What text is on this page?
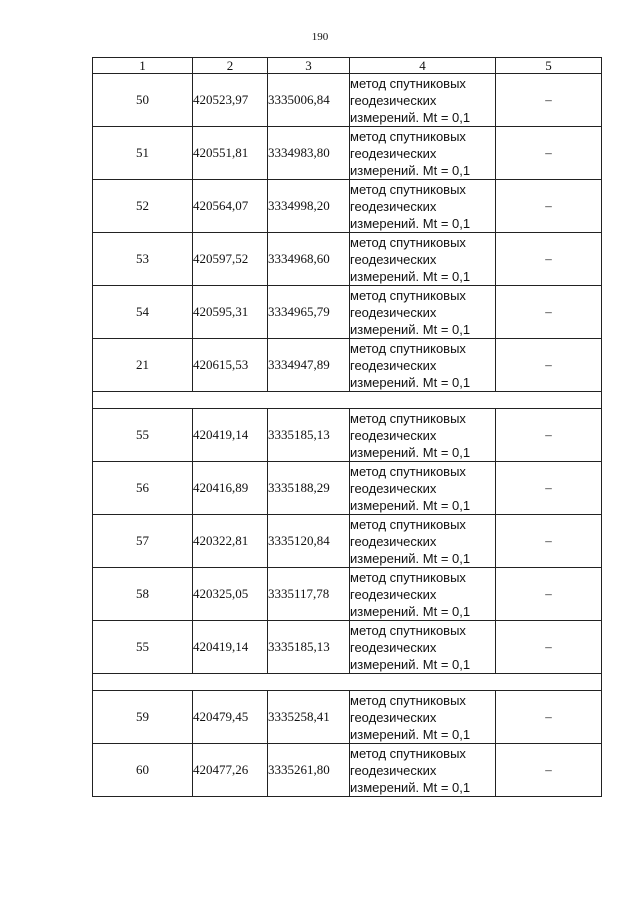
190
1	2	3	4	5
50	420523,97	3335006,84	метод спутниковых
геодезических
измерений. Mt = 0,1	–
51	420551,81	3334983,80	метод спутниковых
геодезических
измерений. Mt = 0,1	–
52	420564,07	3334998,20	метод спутниковых
геодезических
измерений. Mt = 0,1	–
53	420597,52	3334968,60	метод спутниковых
геодезических
измерений. Mt = 0,1	–
54	420595,31	3334965,79	метод спутниковых
геодезических
измерений. Mt = 0,1	–
21	420615,53	3334947,89	метод спутниковых
геодезических
измерений. Mt = 0,1	–

55	420419,14	3335185,13	метод спутниковых
геодезических
измерений. Mt = 0,1	–
56	420416,89	3335188,29	метод спутниковых
геодезических
измерений. Mt = 0,1	–
57	420322,81	3335120,84	метод спутниковых
геодезических
измерений. Mt = 0,1	–
58	420325,05	3335117,78	метод спутниковых
геодезических
измерений. Mt = 0,1	–
55	420419,14	3335185,13	метод спутниковых
геодезических
измерений. Mt = 0,1	–

59	420479,45	3335258,41	метод спутниковых
геодезических
измерений. Mt = 0,1	–
60	420477,26	3335261,80	метод спутниковых
геодезических
измерений. Mt = 0,1	–
